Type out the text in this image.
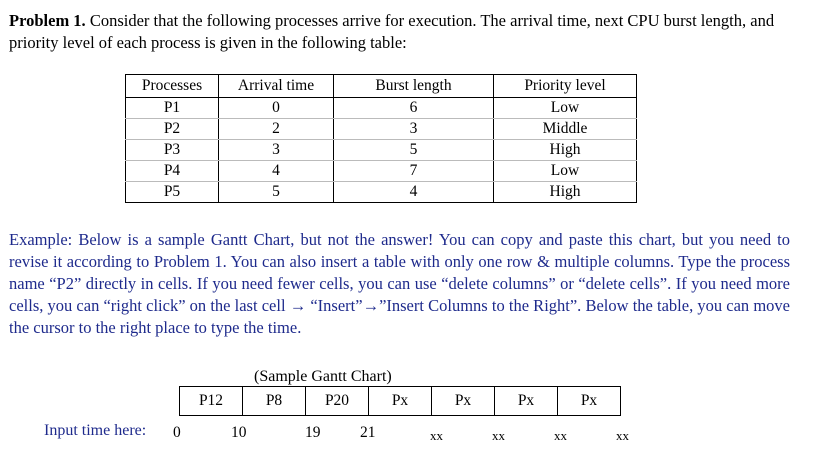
Problem 1. Consider that the following processes arrive for execution. The arrival time, next CPU burst length, and priority level of each process is given in the following table:

Processes	Arrival time	Burst length	Priority level
P1	0	6	Low
P2	2	3	Middle
P3	3	5	High
P4	4	7	Low
P5	5	4	High

Example: Below is a sample Gantt Chart, but not the answer! You can copy and paste this chart, but you need to revise it according to Problem 1. You can also insert a table with only one row & multiple columns. Type the process name “P2” directly in cells. If you need fewer cells, you can use “delete columns” or “delete cells”. If you need more cells, you can “right click” on the last cell → “Insert”→”Insert Columns to the Right”. Below the table, you can move the cursor to the right place to type the time.

(Sample Gantt Chart)
P12	P8	P20	Px	Px	Px	Px
Input time here: 0	10	19	21	xx	xx	xx	xx
